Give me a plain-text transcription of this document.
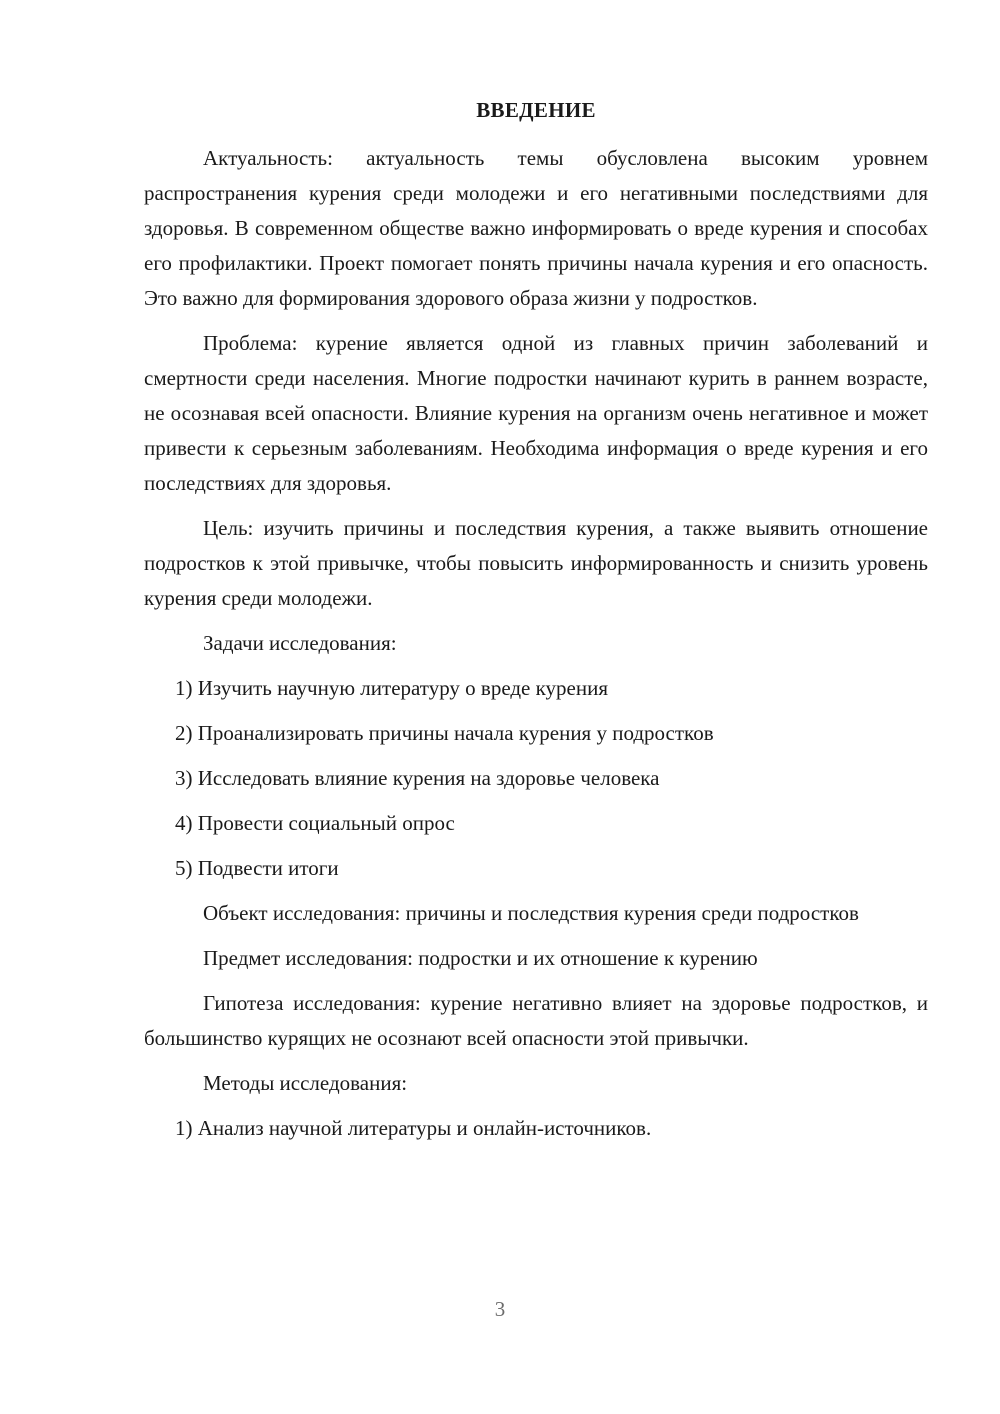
ВВЕДЕНИЕ

Актуальность: актуальность темы обусловлена высоким уровнем распространения курения среди молодежи и его негативными последствиями для здоровья. В современном обществе важно информировать о вреде курения и способах его профилактики. Проект помогает понять причины начала курения и его опасность. Это важно для формирования здорового образа жизни у подростков.

Проблема: курение является одной из главных причин заболеваний и смертности среди населения. Многие подростки начинают курить в раннем возрасте, не осознавая всей опасности. Влияние курения на организм очень негативное и может привести к серьезным заболеваниям. Необходима информация о вреде курения и его последствиях для здоровья.

Цель: изучить причины и последствия курения, а также выявить отношение подростков к этой привычке, чтобы повысить информированность и снизить уровень курения среди молодежи.

Задачи исследования:

1) Изучить научную литературу о вреде курения

2) Проанализировать причины начала курения у подростков

3) Исследовать влияние курения на здоровье человека

4) Провести социальный опрос

5) Подвести итоги

Объект исследования: причины и последствия курения среди подростков

Предмет исследования: подростки и их отношение к курению

Гипотеза исследования: курение негативно влияет на здоровье подростков, и большинство курящих не осознают всей опасности этой привычки.

Методы исследования:

1) Анализ научной литературы и онлайн-источников.

3
